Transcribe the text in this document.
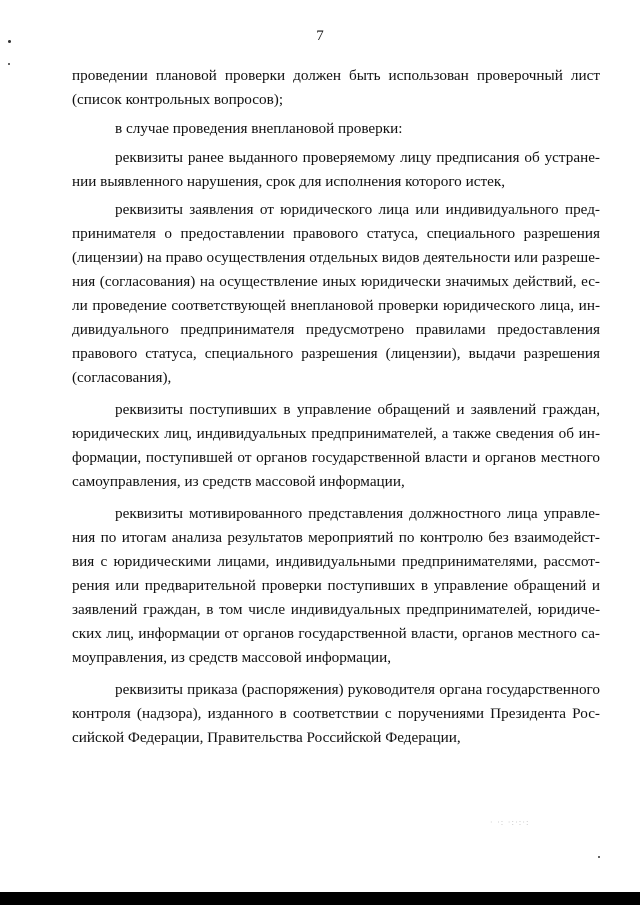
7
проведении плановой проверки должен быть использован проверочный лист
(список контрольных вопросов);
в случае проведения внеплановой проверки:
реквизиты ранее выданного проверяемому лицу предписания об устране-
нии выявленного нарушения, срок для исполнения которого истек,
реквизиты заявления от юридического лица или индивидуального пред-
принимателя о предоставлении правового статуса, специального разрешения
(лицензии) на право осуществления отдельных видов деятельности или разреше-
ния (согласования) на осуществление иных юридически значимых действий, ес-
ли проведение соответствующей внеплановой проверки юридического лица, ин-
дивидуального предпринимателя предусмотрено правилами предоставления
правового статуса, специального разрешения (лицензии), выдачи разрешения
(согласования),
реквизиты поступивших в управление обращений и заявлений граждан,
юридических лиц, индивидуальных предпринимателей, а также сведения об ин-
формации, поступившей от органов государственной власти и органов местного
самоуправления, из средств массовой информации,
реквизиты мотивированного представления должностного лица управле-
ния по итогам анализа результатов мероприятий по контролю без взаимодейст-
вия с юридическими лицами, индивидуальными предпринимателями, рассмот-
рения или предварительной проверки поступивших в управление обращений и
заявлений граждан, в том числе индивидуальных предпринимателей, юридиче-
ских лиц, информации от органов государственной власти, органов местного са-
моуправления, из средств массовой информации,
реквизиты приказа (распоряжения) руководителя органа государственного
контроля (надзора), изданного в соответствии с поручениями Президента Рос-
сийской Федерации, Правительства Российской Федерации,
· ·: ·:·:·:
